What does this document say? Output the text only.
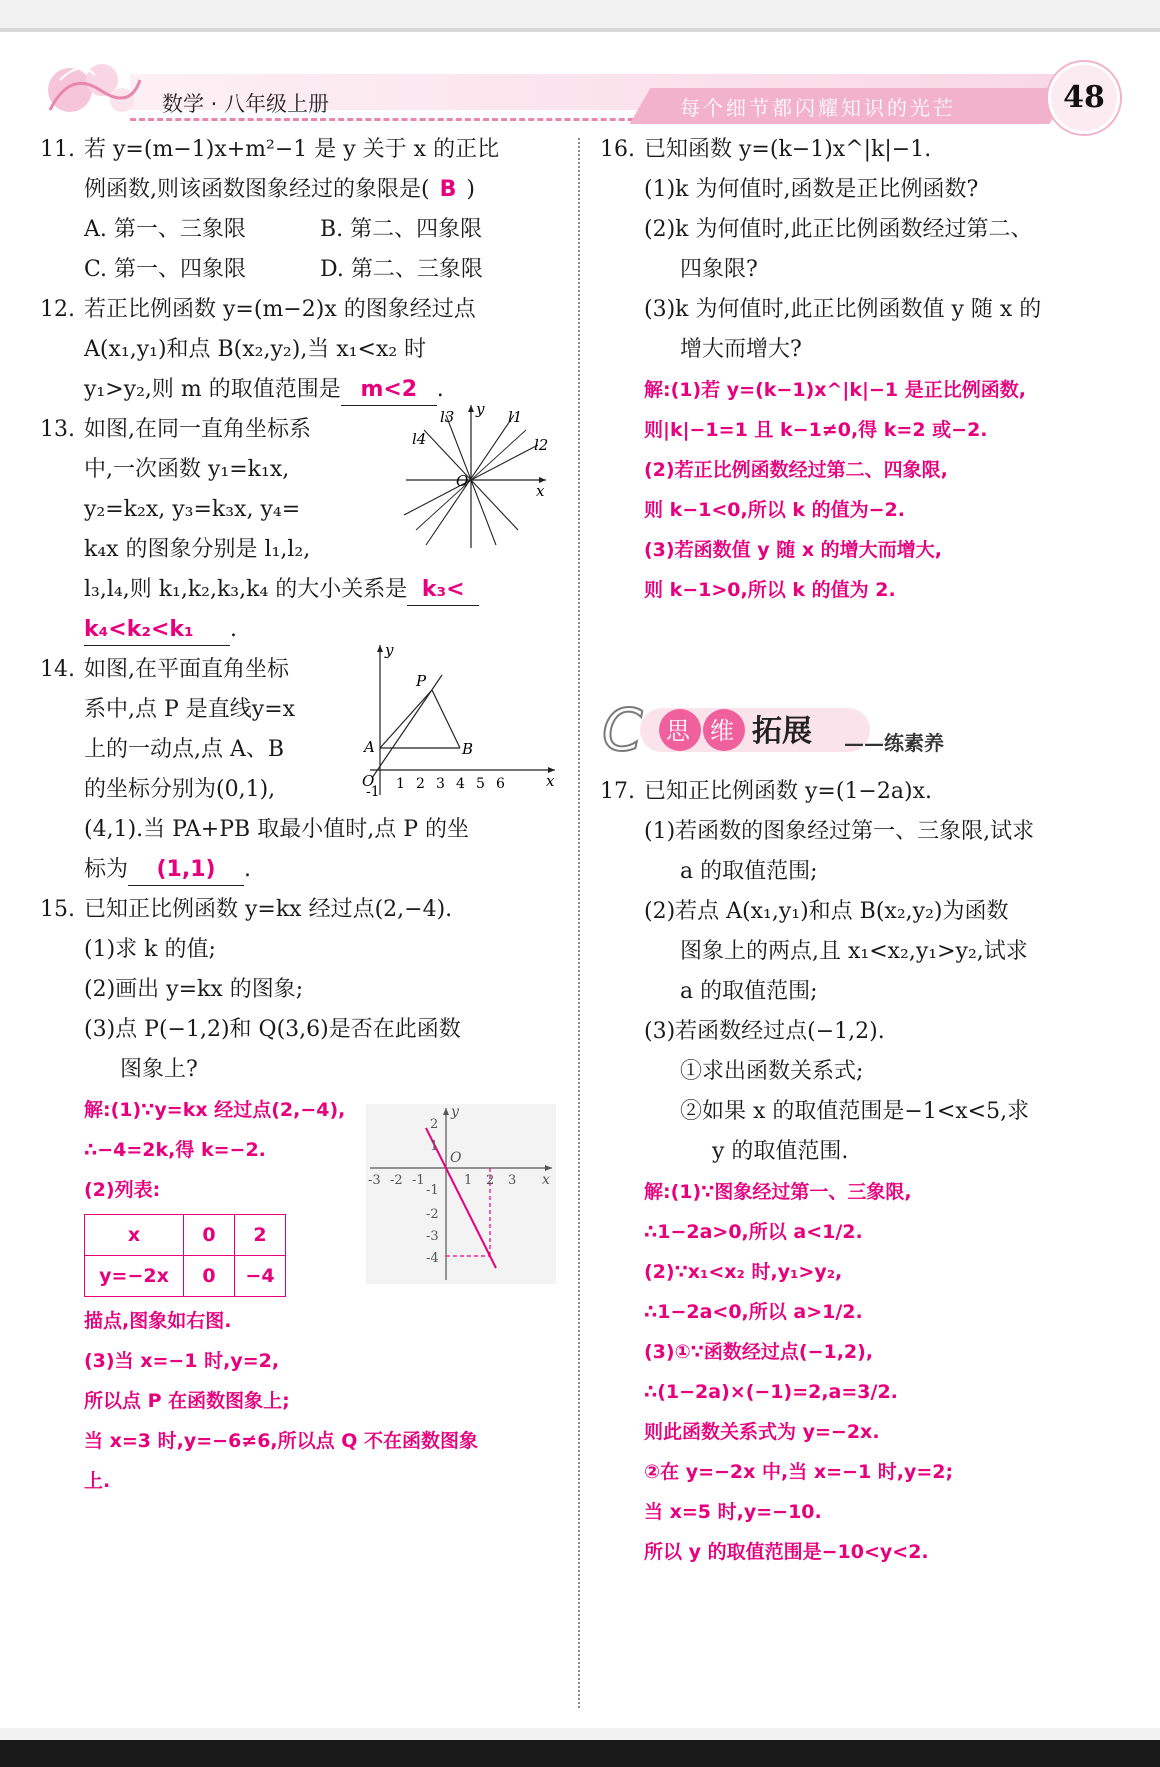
数学 · 八年级上册	每个细节都闪耀知识的光芒	48

11. 若 y=(m−1)x+m²−1 是 y 关于 x 的正比

例函数,则该函数图象经过的象限是( B )

A. 第一、三象限	B. 第二、四象限

C. 第一、四象限	D. 第二、三象限

12. 若正比例函数 y=(m−2)x 的图象经过点

A(x₁,y₁)和点 B(x₂,y₂),当 x₁<x₂ 时

y₁>y₂,则 m 的取值范围是 m<2 .

13. 如图,在同一直角坐标系

中,一次函数 y₁=k₁x,

y₂=k₂x, y₃=k₃x, y₄=

k₄x 的图象分别是 l₁,l₂,

l₃,l₄,则 k₁,k₂,k₃,k₄ 的大小关系是 k₃<

k₄<k₂<k₁ .

l1
l2
l3
l4
y
x
O

14. 如图,在平面直角坐标

系中,点 P 是直线y=x

上的一动点,点 A、B

的坐标分别为(0,1),

(4,1).当 PA+PB 取最小值时,点 P 的坐

标为 (1,1) .

y
x
O
P
A	B
-1 1 2 3 4 5 6

15. 已知正比例函数 y=kx 经过点(2,−4).

(1)求 k 的值;

(2)画出 y=kx 的图象;

(3)点 P(−1,2)和 Q(3,6)是否在此函数

图象上?

解:(1)∵y=kx 经过点(2,−4),

∴−4=2k,得 k=−2.

(2)列表:

x	0	2
y=−2x	0	−4

描点,图象如右图.

(3)当 x=−1 时,y=2,

所以点 P 在函数图象上;

当 x=3 时,y=−6≠6,所以点 Q 不在函数图象

上.

y
x
O
-3 -2 -1	1 2 3
2
1
-1
-2
-3
-4

16. 已知函数 y=(k−1)x^|k|−1.

(1)k 为何值时,函数是正比例函数?

(2)k 为何值时,此正比例函数经过第二、

四象限?

(3)k 为何值时,此正比例函数值 y 随 x 的

增大而增大?

解:(1)若 y=(k−1)x^|k|−1 是正比例函数,

则|k|−1=1 且 k−1≠0,得 k=2 或−2.

(2)若正比例函数经过第二、四象限,

则 k−1<0,所以 k 的值为−2.

(3)若函数值 y 随 x 的增大而增大,

则 k−1>0,所以 k 的值为 2.

C 思 维 拓展 ——练素养

17. 已知正比例函数 y=(1−2a)x.

(1)若函数的图象经过第一、三象限,试求

a 的取值范围;

(2)若点 A(x₁,y₁)和点 B(x₂,y₂)为函数

图象上的两点,且 x₁<x₂,y₁>y₂,试求

a 的取值范围;

(3)若函数经过点(−1,2).

①求出函数关系式;

②如果 x 的取值范围是−1<x<5,求

y 的取值范围.

解:(1)∵图象经过第一、三象限,

∴1−2a>0,所以 a<1/2.

(2)∵x₁<x₂ 时,y₁>y₂,

∴1−2a<0,所以 a>1/2.

(3)①∵函数经过点(−1,2),

∴(1−2a)×(−1)=2,a=3/2.

则此函数关系式为 y=−2x.

②在 y=−2x 中,当 x=−1 时,y=2;

当 x=5 时,y=−10.

所以 y 的取值范围是−10<y<2.
